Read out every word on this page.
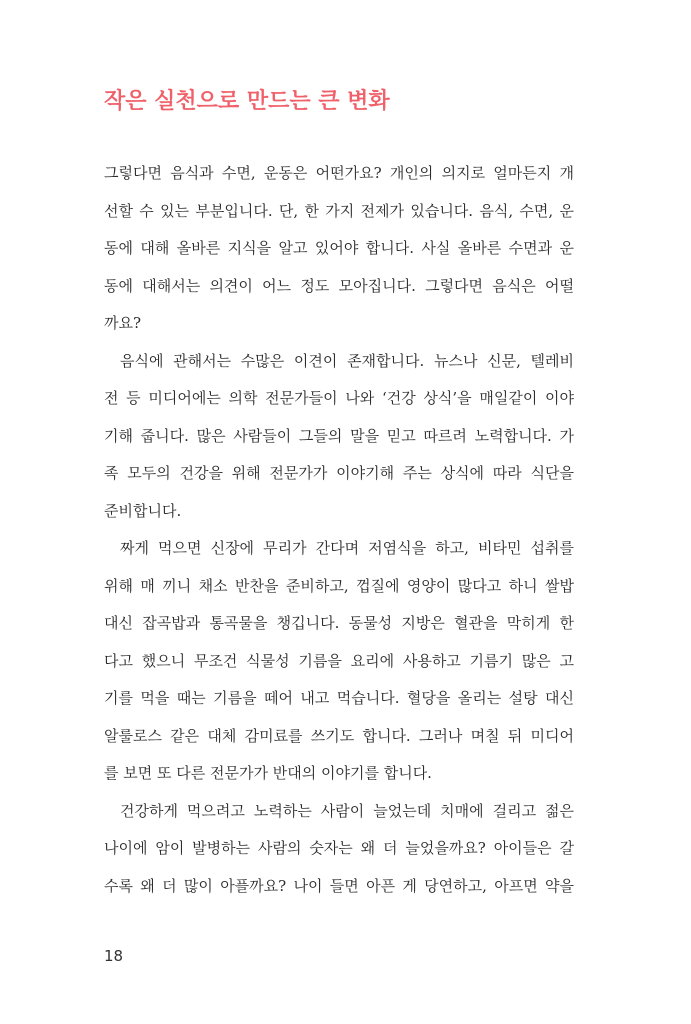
작은 실천으로 만드는 큰 변화

그렇다면 음식과 수면, 운동은 어떤가요? 개인의 의지로 얼마든지 개
선할 수 있는 부분입니다. 단, 한 가지 전제가 있습니다. 음식, 수면, 운
동에 대해 올바른 지식을 알고 있어야 합니다. 사실 올바른 수면과 운
동에 대해서는 의견이 어느 정도 모아집니다. 그렇다면 음식은 어떨
까요?

음식에 관해서는 수많은 이견이 존재합니다. 뉴스나 신문, 텔레비
전 등 미디어에는 의학 전문가들이 나와 ‘건강 상식’을 매일같이 이야
기해 줍니다. 많은 사람들이 그들의 말을 믿고 따르려 노력합니다. 가
족 모두의 건강을 위해 전문가가 이야기해 주는 상식에 따라 식단을
준비합니다.

짜게 먹으면 신장에 무리가 간다며 저염식을 하고, 비타민 섭취를
위해 매 끼니 채소 반찬을 준비하고, 껍질에 영양이 많다고 하니 쌀밥
대신 잡곡밥과 통곡물을 챙깁니다. 동물성 지방은 혈관을 막히게 한
다고 했으니 무조건 식물성 기름을 요리에 사용하고 기름기 많은 고
기를 먹을 때는 기름을 떼어 내고 먹습니다. 혈당을 올리는 설탕 대신
알룰로스 같은 대체 감미료를 쓰기도 합니다. 그러나 며칠 뒤 미디어
를 보면 또 다른 전문가가 반대의 이야기를 합니다.

건강하게 먹으려고 노력하는 사람이 늘었는데 치매에 걸리고 젊은
나이에 암이 발병하는 사람의 숫자는 왜 더 늘었을까요? 아이들은 갈
수록 왜 더 많이 아플까요? 나이 들면 아픈 게 당연하고, 아프면 약을

18
